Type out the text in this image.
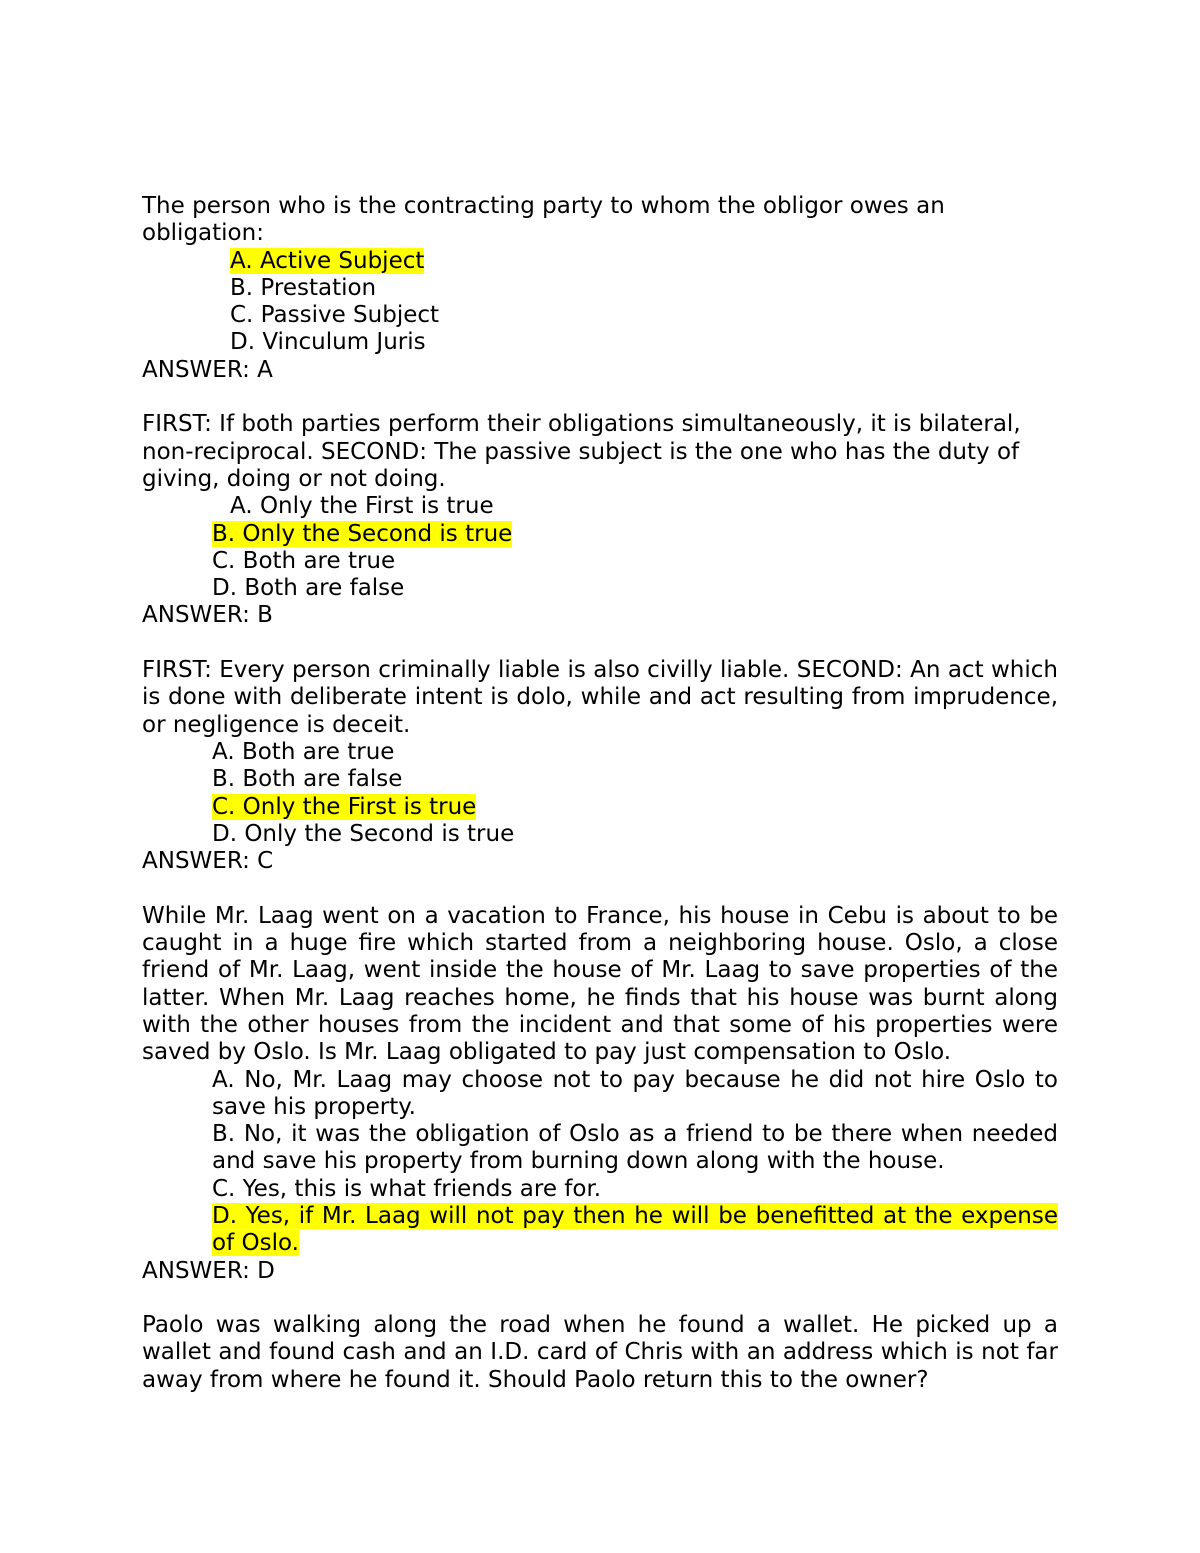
The person who is the contracting party to whom the obligor owes an obligation:

A. Active Subject
B. Prestation
C. Passive Subject
D. Vinculum Juris

ANSWER: A

FIRST: If both parties perform their obligations simultaneously, it is bilateral, non-reciprocal. SECOND: The passive subject is the one who has the duty of giving, doing or not doing.

A. Only the First is true
B. Only the Second is true
C. Both are true
D. Both are false

ANSWER: B

FIRST: Every person criminally liable is also civilly liable. SECOND: An act which is done with deliberate intent is dolo, while and act resulting from imprudence, or negligence is deceit.

A. Both are true
B. Both are false
C. Only the First is true
D. Only the Second is true

ANSWER: C

While Mr. Laag went on a vacation to France, his house in Cebu is about to be caught in a huge fire which started from a neighboring house. Oslo, a close friend of Mr. Laag, went inside the house of Mr. Laag to save properties of the latter. When Mr. Laag reaches home, he finds that his house was burnt along with the other houses from the incident and that some of his properties were saved by Oslo. Is Mr. Laag obligated to pay just compensation to Oslo.

A. No, Mr. Laag may choose not to pay because he did not hire Oslo to save his property.
B. No, it was the obligation of Oslo as a friend to be there when needed and save his property from burning down along with the house.
C. Yes, this is what friends are for.
D. Yes, if Mr. Laag will not pay then he will be benefitted at the expense of Oslo.

ANSWER: D

Paolo was walking along the road when he found a wallet. He picked up a wallet and found cash and an I.D. card of Chris with an address which is not far away from where he found it. Should Paolo return this to the owner?
